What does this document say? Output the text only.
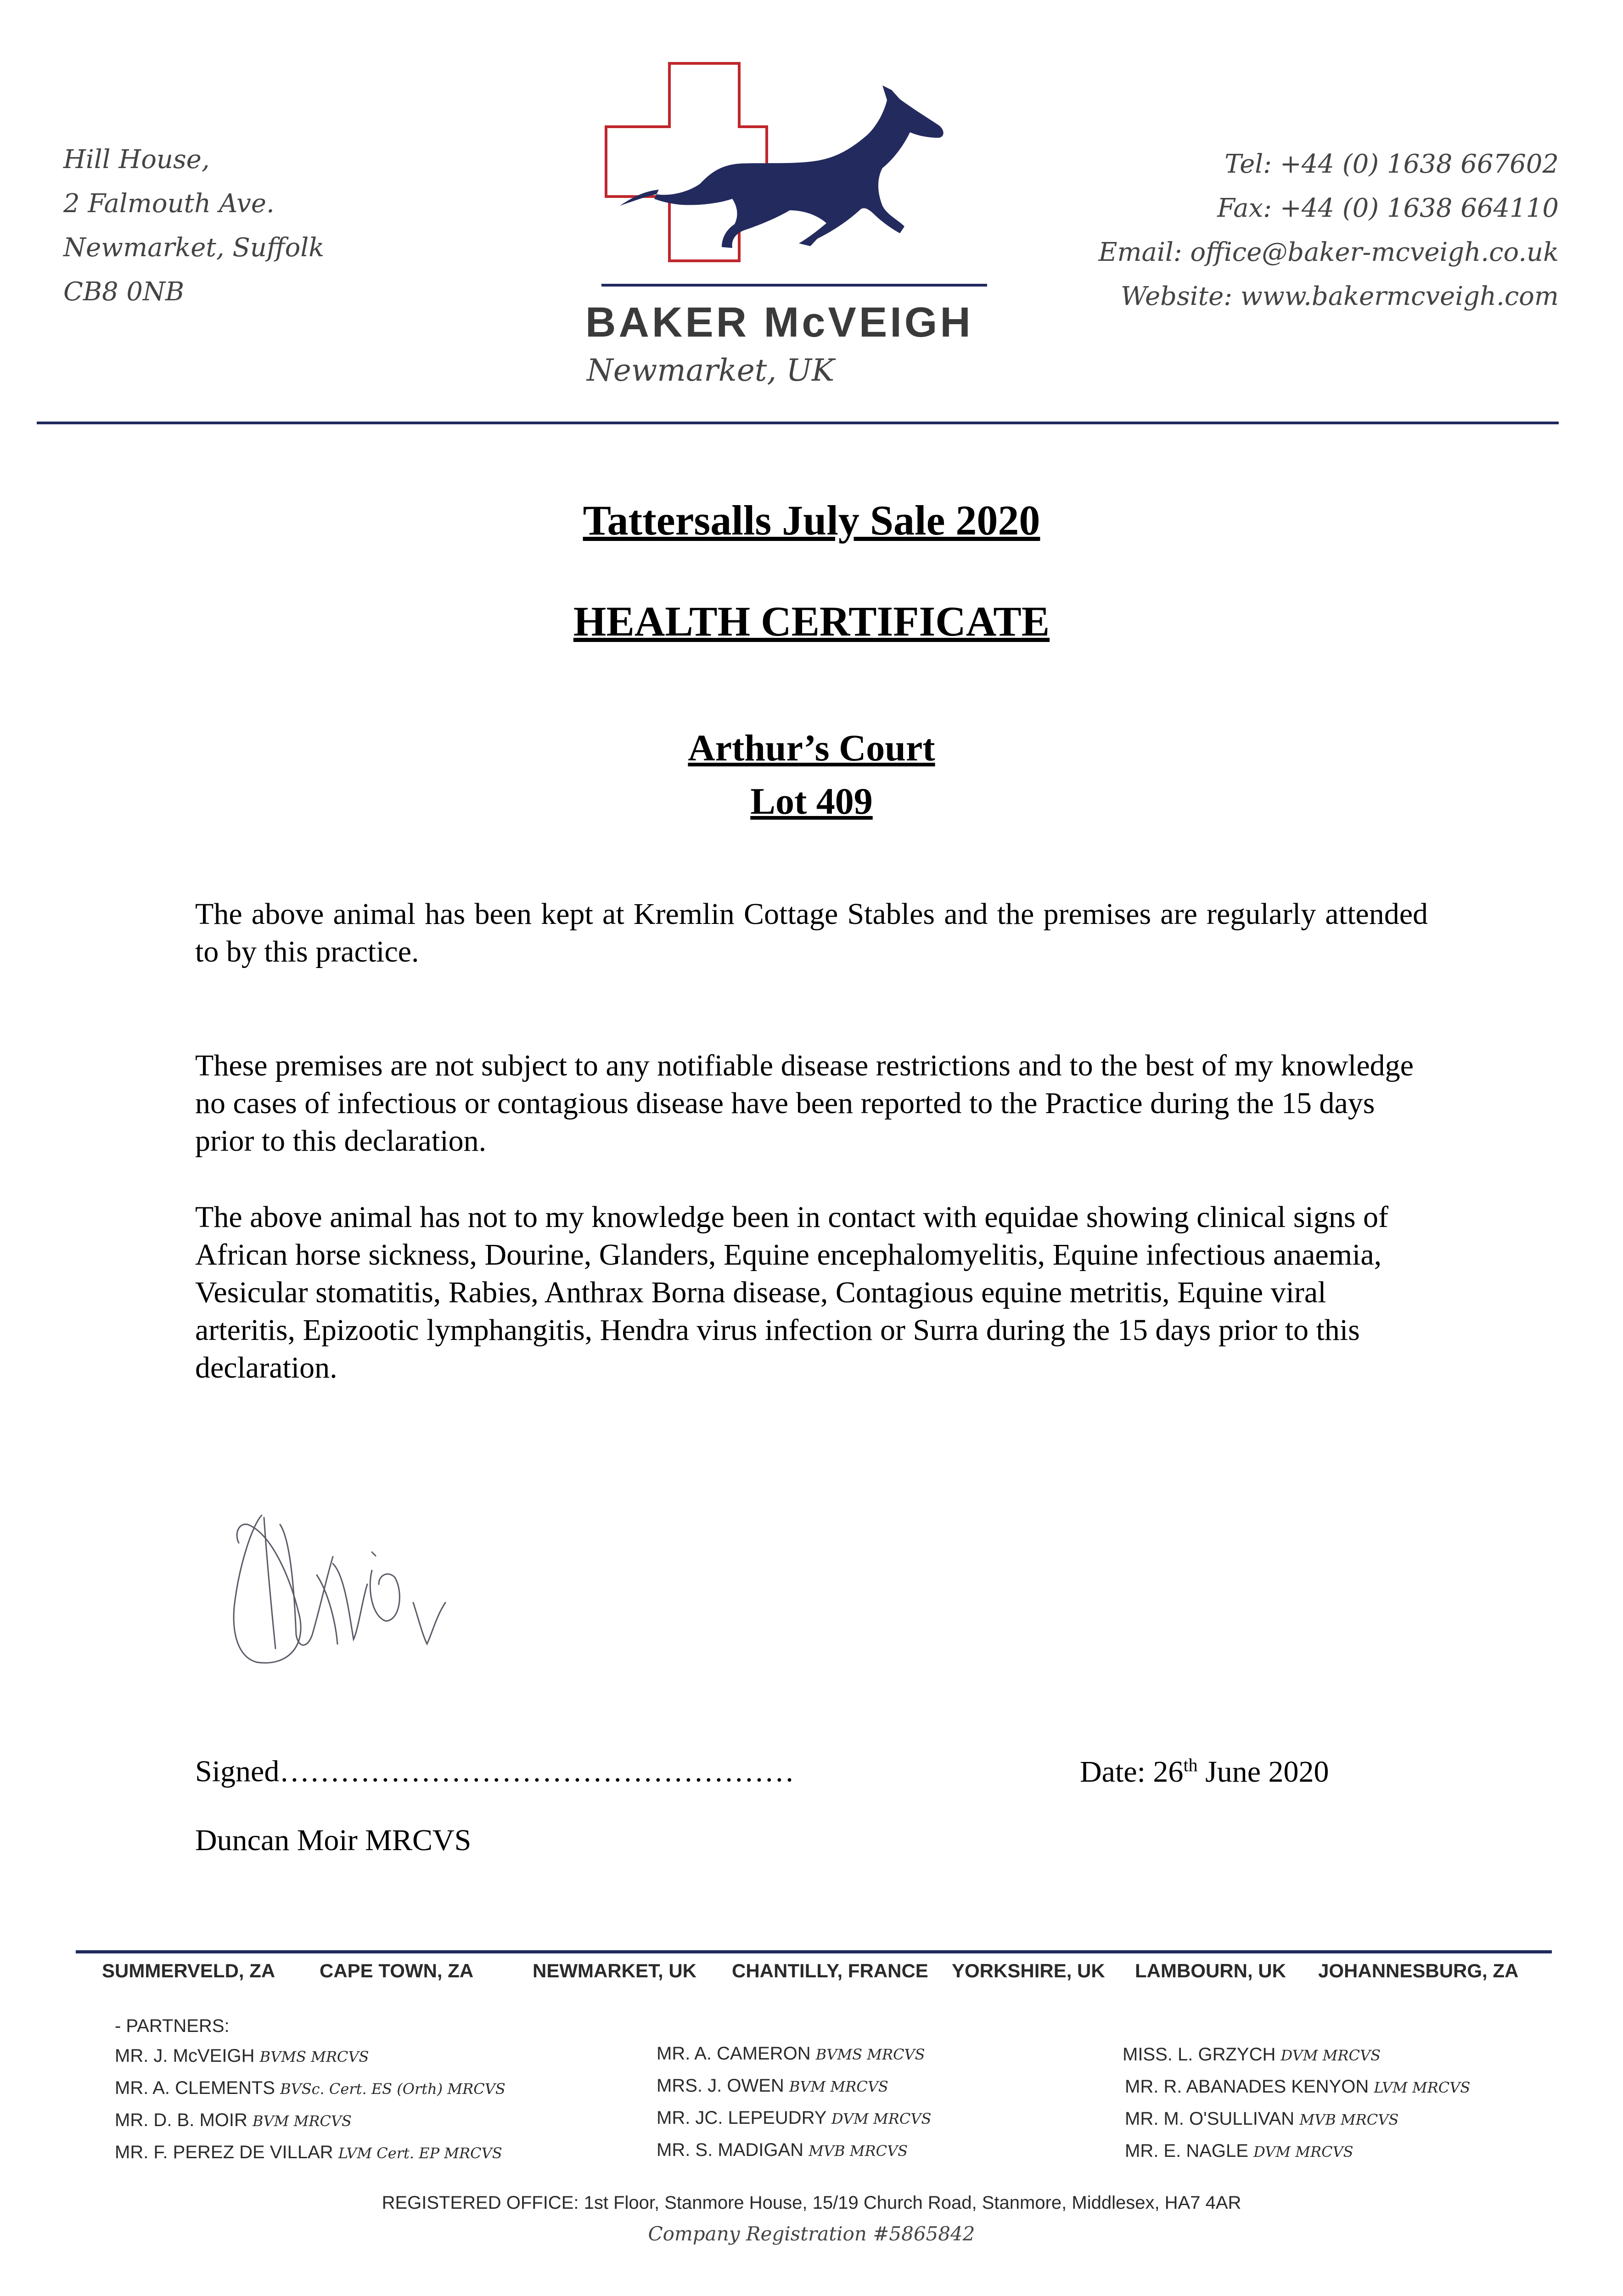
Hill House,
2 Falmouth Ave.
Newmarket, Suffolk
CB8 0NB
BAKER McVEIGH
Newmarket, UK
Tel: +44 (0) 1638 667602
Fax: +44 (0) 1638 664110
Email: office@baker-mcveigh.co.uk
Website: www.bakermcveigh.com
Tattersalls July Sale 2020
HEALTH CERTIFICATE
Arthur’s Court
Lot 409
The above animal has been kept at Kremlin Cottage Stables and the premises are regularly attended to by this practice.
These premises are not subject to any notifiable disease restrictions and to the best of my knowledge no cases of infectious or contagious disease have been reported to the Practice during the 15 days prior to this declaration.
The above animal has not to my knowledge been in contact with equidae showing clinical signs of African horse sickness, Dourine, Glanders, Equine encephalomyelitis, Equine infectious anaemia, Vesicular stomatitis, Rabies, Anthrax Borna disease, Contagious equine metritis, Equine viral arteritis, Epizootic lymphangitis, Hendra virus infection or Surra during the 15 days prior to this declaration.
Signed……………………………………………	Date: 26th June 2020
Duncan Moir MRCVS
SUMMERVELD, ZA CAPE TOWN, ZA	NEWMARKET, UK CHANTILLY, FRANCE YORKSHIRE, UK LAMBOURN, UK JOHANNESBURG, ZA
- PARTNERS:
MR. J. McVEIGH BVMS MRCVS
MR. A. CLEMENTS BVSc. Cert. ES (Orth) MRCVS
MR. D. B. MOIR BVM MRCVS
MR. F. PEREZ DE VILLAR LVM Cert. EP MRCVS
MR. A. CAMERON BVMS MRCVS
MRS. J. OWEN BVM MRCVS
MR. JC. LEPEUDRY DVM MRCVS
MR. S. MADIGAN MVB MRCVS
MISS. L. GRZYCH DVM MRCVS
MR. R. ABANADES KENYON LVM MRCVS
MR. M. O'SULLIVAN MVB MRCVS
MR. E. NAGLE DVM MRCVS
REGISTERED OFFICE: 1st Floor, Stanmore House, 15/19 Church Road, Stanmore, Middlesex, HA7 4AR
Company Registration #5865842
